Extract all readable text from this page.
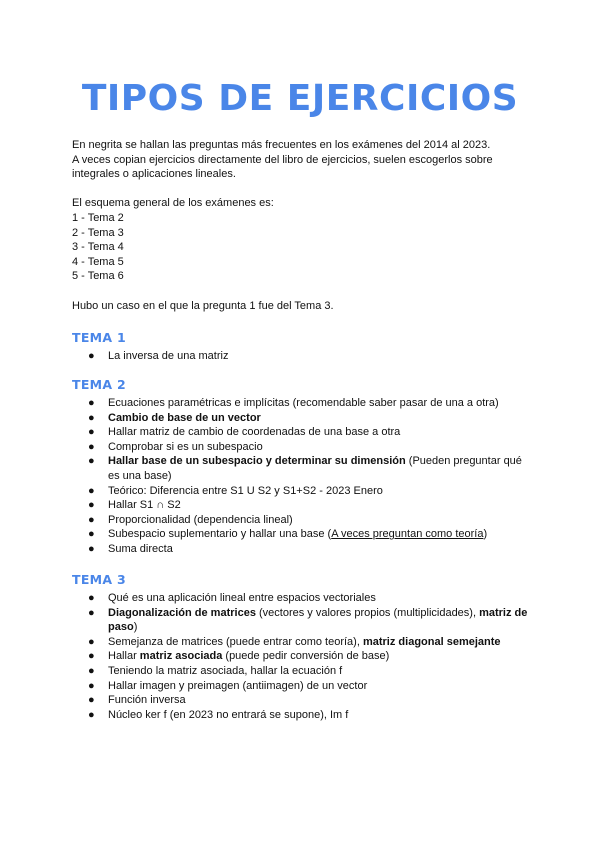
TIPOS DE EJERCICIOS

En negrita se hallan las preguntas más frecuentes en los exámenes del 2014 al 2023.

A veces copian ejercicios directamente del libro de ejercicios, suelen escogerlos sobre

integrales o aplicaciones lineales.

El esquema general de los exámenes es:

1 - Tema 2

2 - Tema 3

3 - Tema 4

4 - Tema 5

5 - Tema 6

Hubo un caso en el que la pregunta 1 fue del Tema 3.

TEMA 1
● La inversa de una matriz
TEMA 2
● Ecuaciones paramétricas e implícitas (recomendable saber pasar de una a otra)
● Cambio de base de un vector
● Hallar matriz de cambio de coordenadas de una base a otra
● Comprobar si es un subespacio
● Hallar base de un subespacio y determinar su dimensión (Pueden preguntar qué es una base)
● Teórico: Diferencia entre S1 U S2 y S1+S2 - 2023 Enero
● Hallar S1 ∩ S2
● Proporcionalidad (dependencia lineal)
● Subespacio suplementario y hallar una base (A veces preguntan como teoría)
● Suma directa
TEMA 3
● Qué es una aplicación lineal entre espacios vectoriales
● Diagonalización de matrices (vectores y valores propios (multiplicidades), matriz de paso)
● Semejanza de matrices (puede entrar como teoría), matriz diagonal semejante
● Hallar matriz asociada (puede pedir conversión de base)
● Teniendo la matriz asociada, hallar la ecuación f
● Hallar imagen y preimagen (antiimagen) de un vector
● Función inversa
● Núcleo ker f (en 2023 no entrará se supone), Im f
